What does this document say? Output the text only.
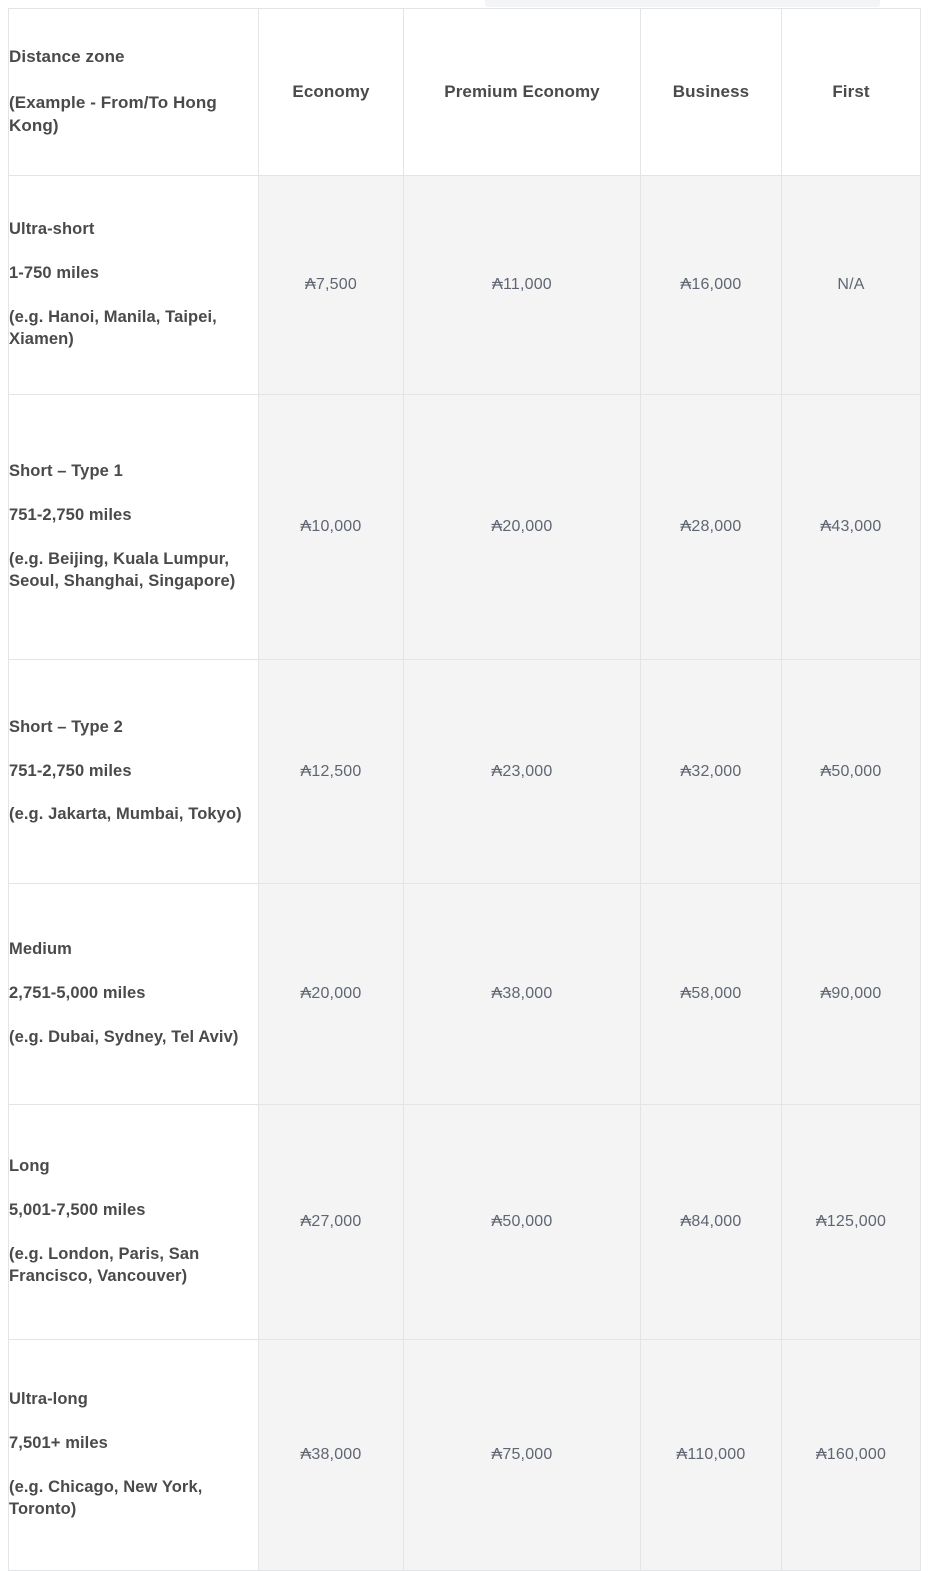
Distance zone
(Example - From/To Hong Kong)	Economy	Premium Economy	Business	First

Ultra-short
1-750 miles
(e.g. Hanoi, Manila, Taipei, Xiamen)	₳7,500	₳11,000	₳16,000	N/A

Short – Type 1
751-2,750 miles
(e.g. Beijing, Kuala Lumpur, Seoul, Shanghai, Singapore)	₳10,000	₳20,000	₳28,000	₳43,000

Short – Type 2
751-2,750 miles
(e.g. Jakarta, Mumbai, Tokyo)	₳12,500	₳23,000	₳32,000	₳50,000

Medium
2,751-5,000 miles
(e.g. Dubai, Sydney, Tel Aviv)	₳20,000	₳38,000	₳58,000	₳90,000

Long
5,001-7,500 miles
(e.g. London, Paris, San Francisco, Vancouver)	₳27,000	₳50,000	₳84,000	₳125,000

Ultra-long
7,501+ miles
(e.g. Chicago, New York, Toronto)	₳38,000	₳75,000	₳110,000	₳160,000
